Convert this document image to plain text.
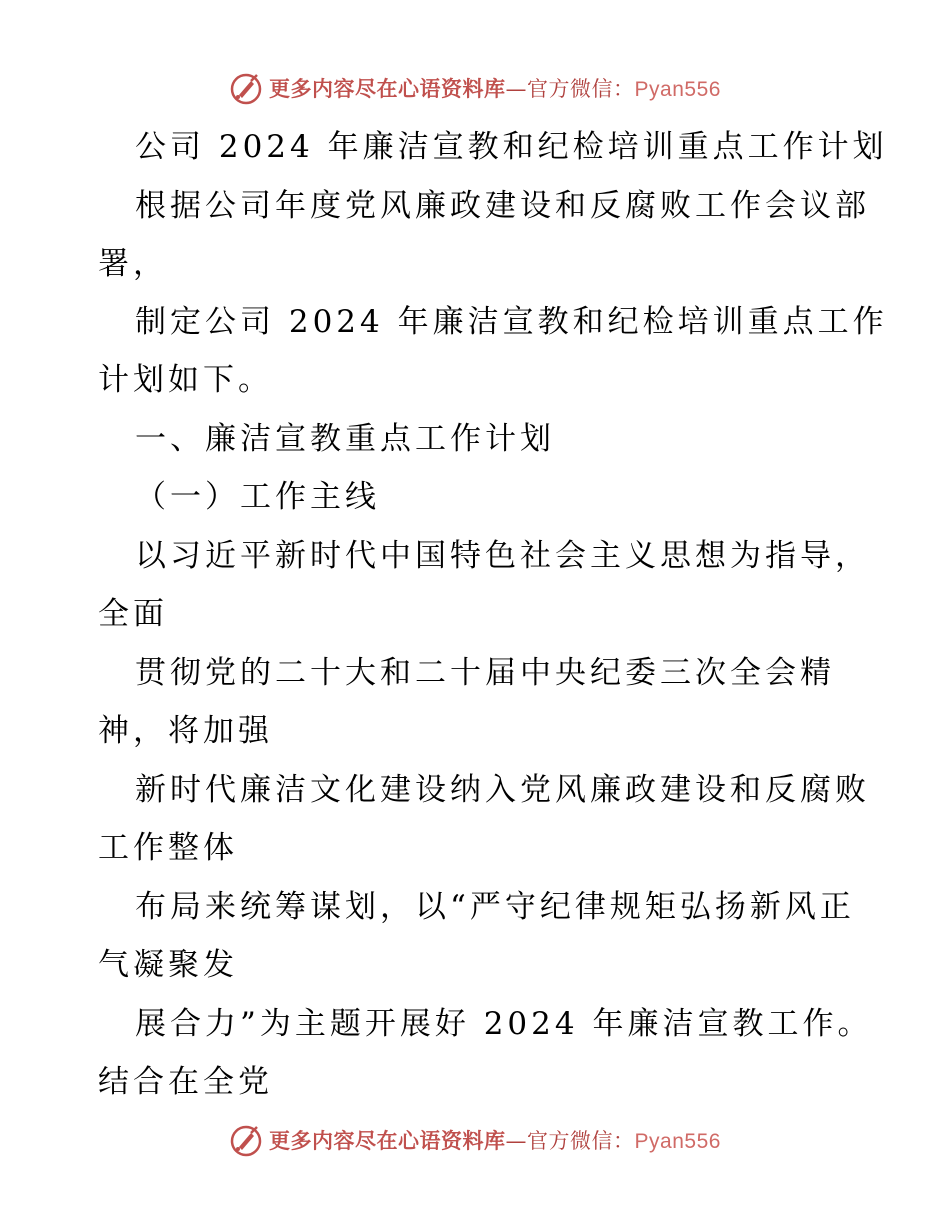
更多内容尽在心语资料库—官方微信：Pyan556
公司 2024 年廉洁宣教和纪检培训重点工作计划
根据公司年度党风廉政建设和反腐败工作会议部
署，
制定公司 2024 年廉洁宣教和纪检培训重点工作
计划如下。
一、廉洁宣教重点工作计划
（一）工作主线
以习近平新时代中国特色社会主义思想为指导，
全面
贯彻党的二十大和二十届中央纪委三次全会精
神，将加强
新时代廉洁文化建设纳入党风廉政建设和反腐败
工作整体
布局来统筹谋划，以“严守纪律规矩弘扬新风正
气凝聚发
展合力”为主题开展好 2024 年廉洁宣教工作。
结合在全党
更多内容尽在心语资料库—官方微信：Pyan556
